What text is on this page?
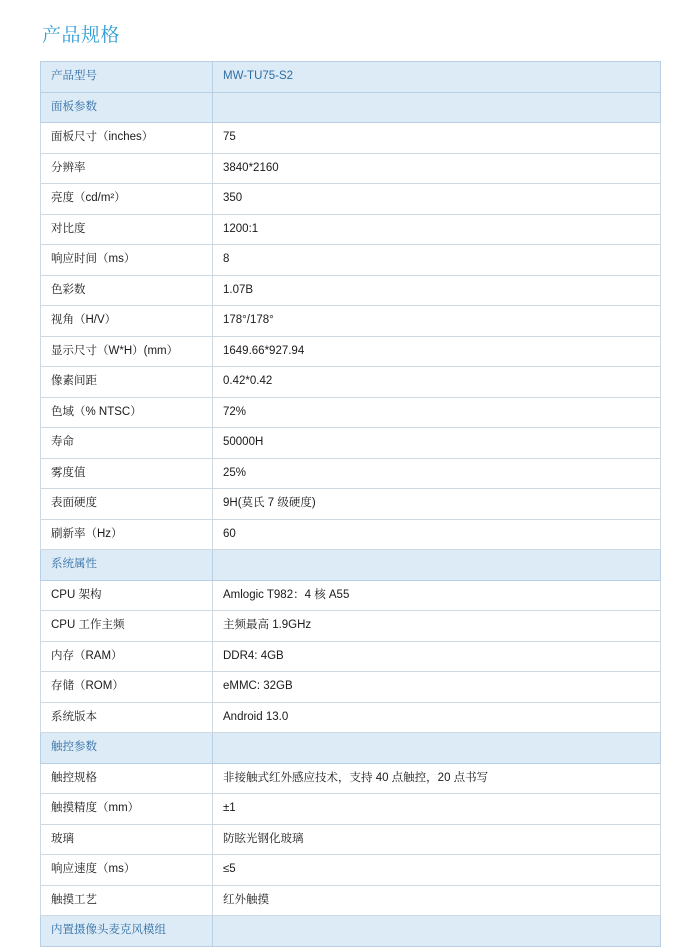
产品规格
产品型号	MW-TU75-S2
面板参数	
面板尺寸（inches）	75
分辨率	3840*2160
亮度（cd/m²）	350
对比度	1200:1
响应时间（ms）	8
色彩数	1.07B
视角（H/V）	178°/178°
显示尺寸（W*H）(mm）	1649.66*927.94
像素间距	0.42*0.42
色域（% NTSC）	72%
寿命	50000H
雾度值	25%
表面硬度	9H(莫氏 7 级硬度)
刷新率（Hz）	60
系统属性	
CPU 架构	Amlogic T982：4 核 A55
CPU 工作主频	主频最高 1.9GHz
内存（RAM）	DDR4: 4GB
存储（ROM）	eMMC: 32GB
系统版本	Android 13.0
触控参数	
触控规格	非接触式红外感应技术，支持 40 点触控，20 点书写
触摸精度（mm）	±1
玻璃	防眩光钢化玻璃
响应速度（ms）	≤5
触摸工艺	红外触摸
内置摄像头麦克风模组	
